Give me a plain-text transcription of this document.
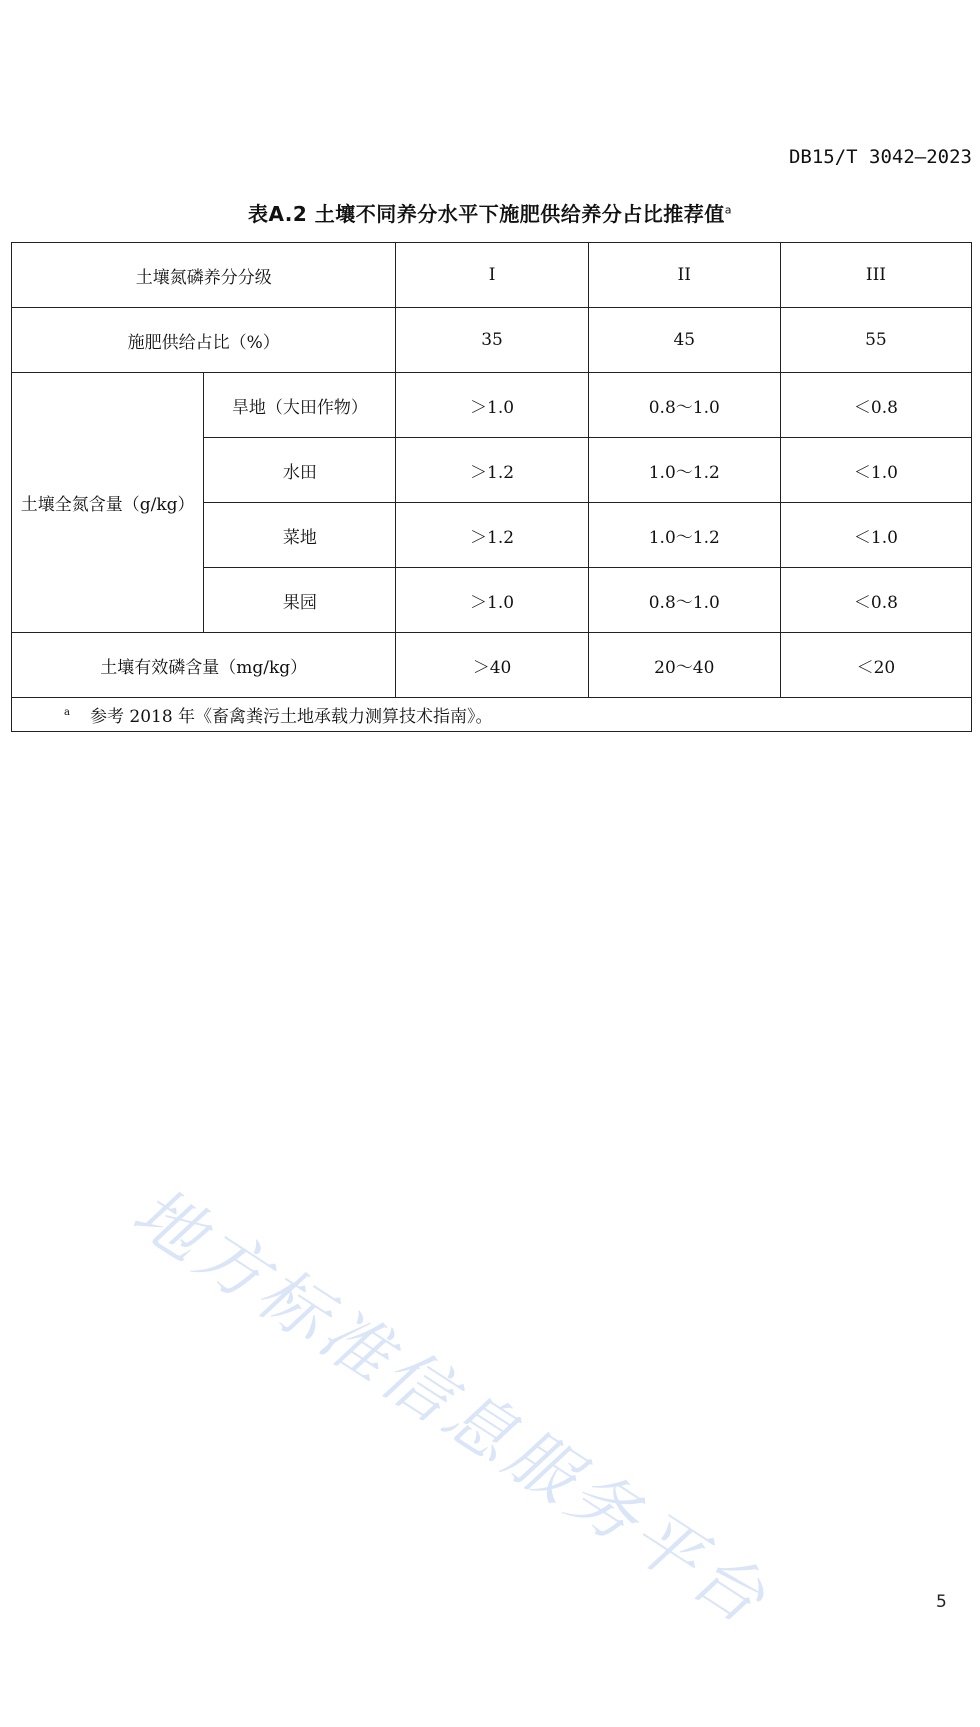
DB15/T 3042—2023
表A.2 土壤不同养分水平下施肥供给养分占比推荐值$^a$
土壤氮磷养分分级		I	II	III
施肥供给占比（%）		35	45	55
土壤全氮含量（g/kg）	旱地（大田作物）	＞1.0	0.8～1.0	＜0.8
	水田	＞1.2	1.0～1.2	＜1.0
	菜地	＞1.2	1.0～1.2	＜1.0
	果园	＞1.0	0.8～1.0	＜0.8
土壤有效磷含量（mg/kg）		＞40	20～40	＜20
$^a$ 参考 2018 年《畜禽粪污土地承载力测算技术指南》。				
地方标准信息服务平台	5
